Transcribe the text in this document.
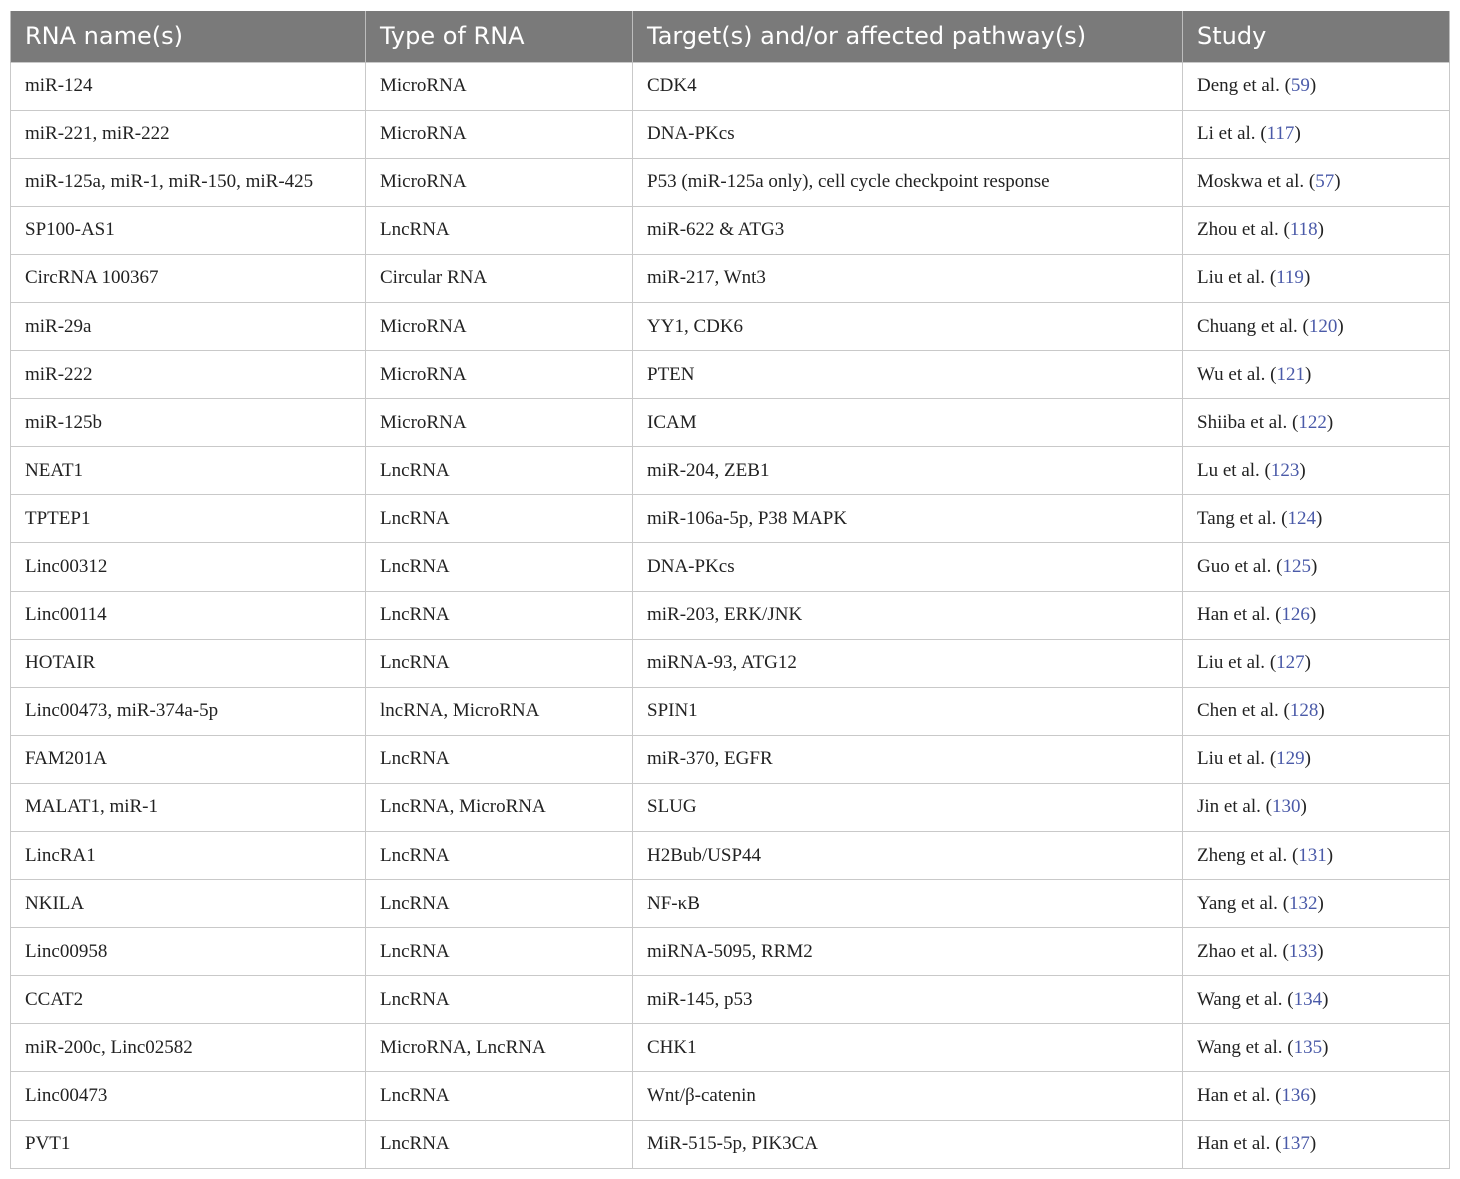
RNA name(s)	Type of RNA	Target(s) and/or affected pathway(s)	Study
miR-124	MicroRNA	CDK4	Deng et al. (59)
miR-221, miR-222	MicroRNA	DNA-PKcs	Li et al. (117)
miR-125a, miR-1, miR-150, miR-425	MicroRNA	P53 (miR-125a only), cell cycle checkpoint response	Moskwa et al. (57)
SP100-AS1	LncRNA	miR-622 & ATG3	Zhou et al. (118)
CircRNA 100367	Circular RNA	miR-217, Wnt3	Liu et al. (119)
miR-29a	MicroRNA	YY1, CDK6	Chuang et al. (120)
miR-222	MicroRNA	PTEN	Wu et al. (121)
miR-125b	MicroRNA	ICAM	Shiiba et al. (122)
NEAT1	LncRNA	miR-204, ZEB1	Lu et al. (123)
TPTEP1	LncRNA	miR-106a-5p, P38 MAPK	Tang et al. (124)
Linc00312	LncRNA	DNA-PKcs	Guo et al. (125)
Linc00114	LncRNA	miR-203, ERK/JNK	Han et al. (126)
HOTAIR	LncRNA	miRNA-93, ATG12	Liu et al. (127)
Linc00473, miR-374a-5p	lncRNA, MicroRNA	SPIN1	Chen et al. (128)
FAM201A	LncRNA	miR-370, EGFR	Liu et al. (129)
MALAT1, miR-1	LncRNA, MicroRNA	SLUG	Jin et al. (130)
LincRA1	LncRNA	H2Bub/USP44	Zheng et al. (131)
NKILA	LncRNA	NF-κB	Yang et al. (132)
Linc00958	LncRNA	miRNA-5095, RRM2	Zhao et al. (133)
CCAT2	LncRNA	miR-145, p53	Wang et al. (134)
miR-200c, Linc02582	MicroRNA, LncRNA	CHK1	Wang et al. (135)
Linc00473	LncRNA	Wnt/β-catenin	Han et al. (136)
PVT1	LncRNA	MiR-515-5p, PIK3CA	Han et al. (137)
